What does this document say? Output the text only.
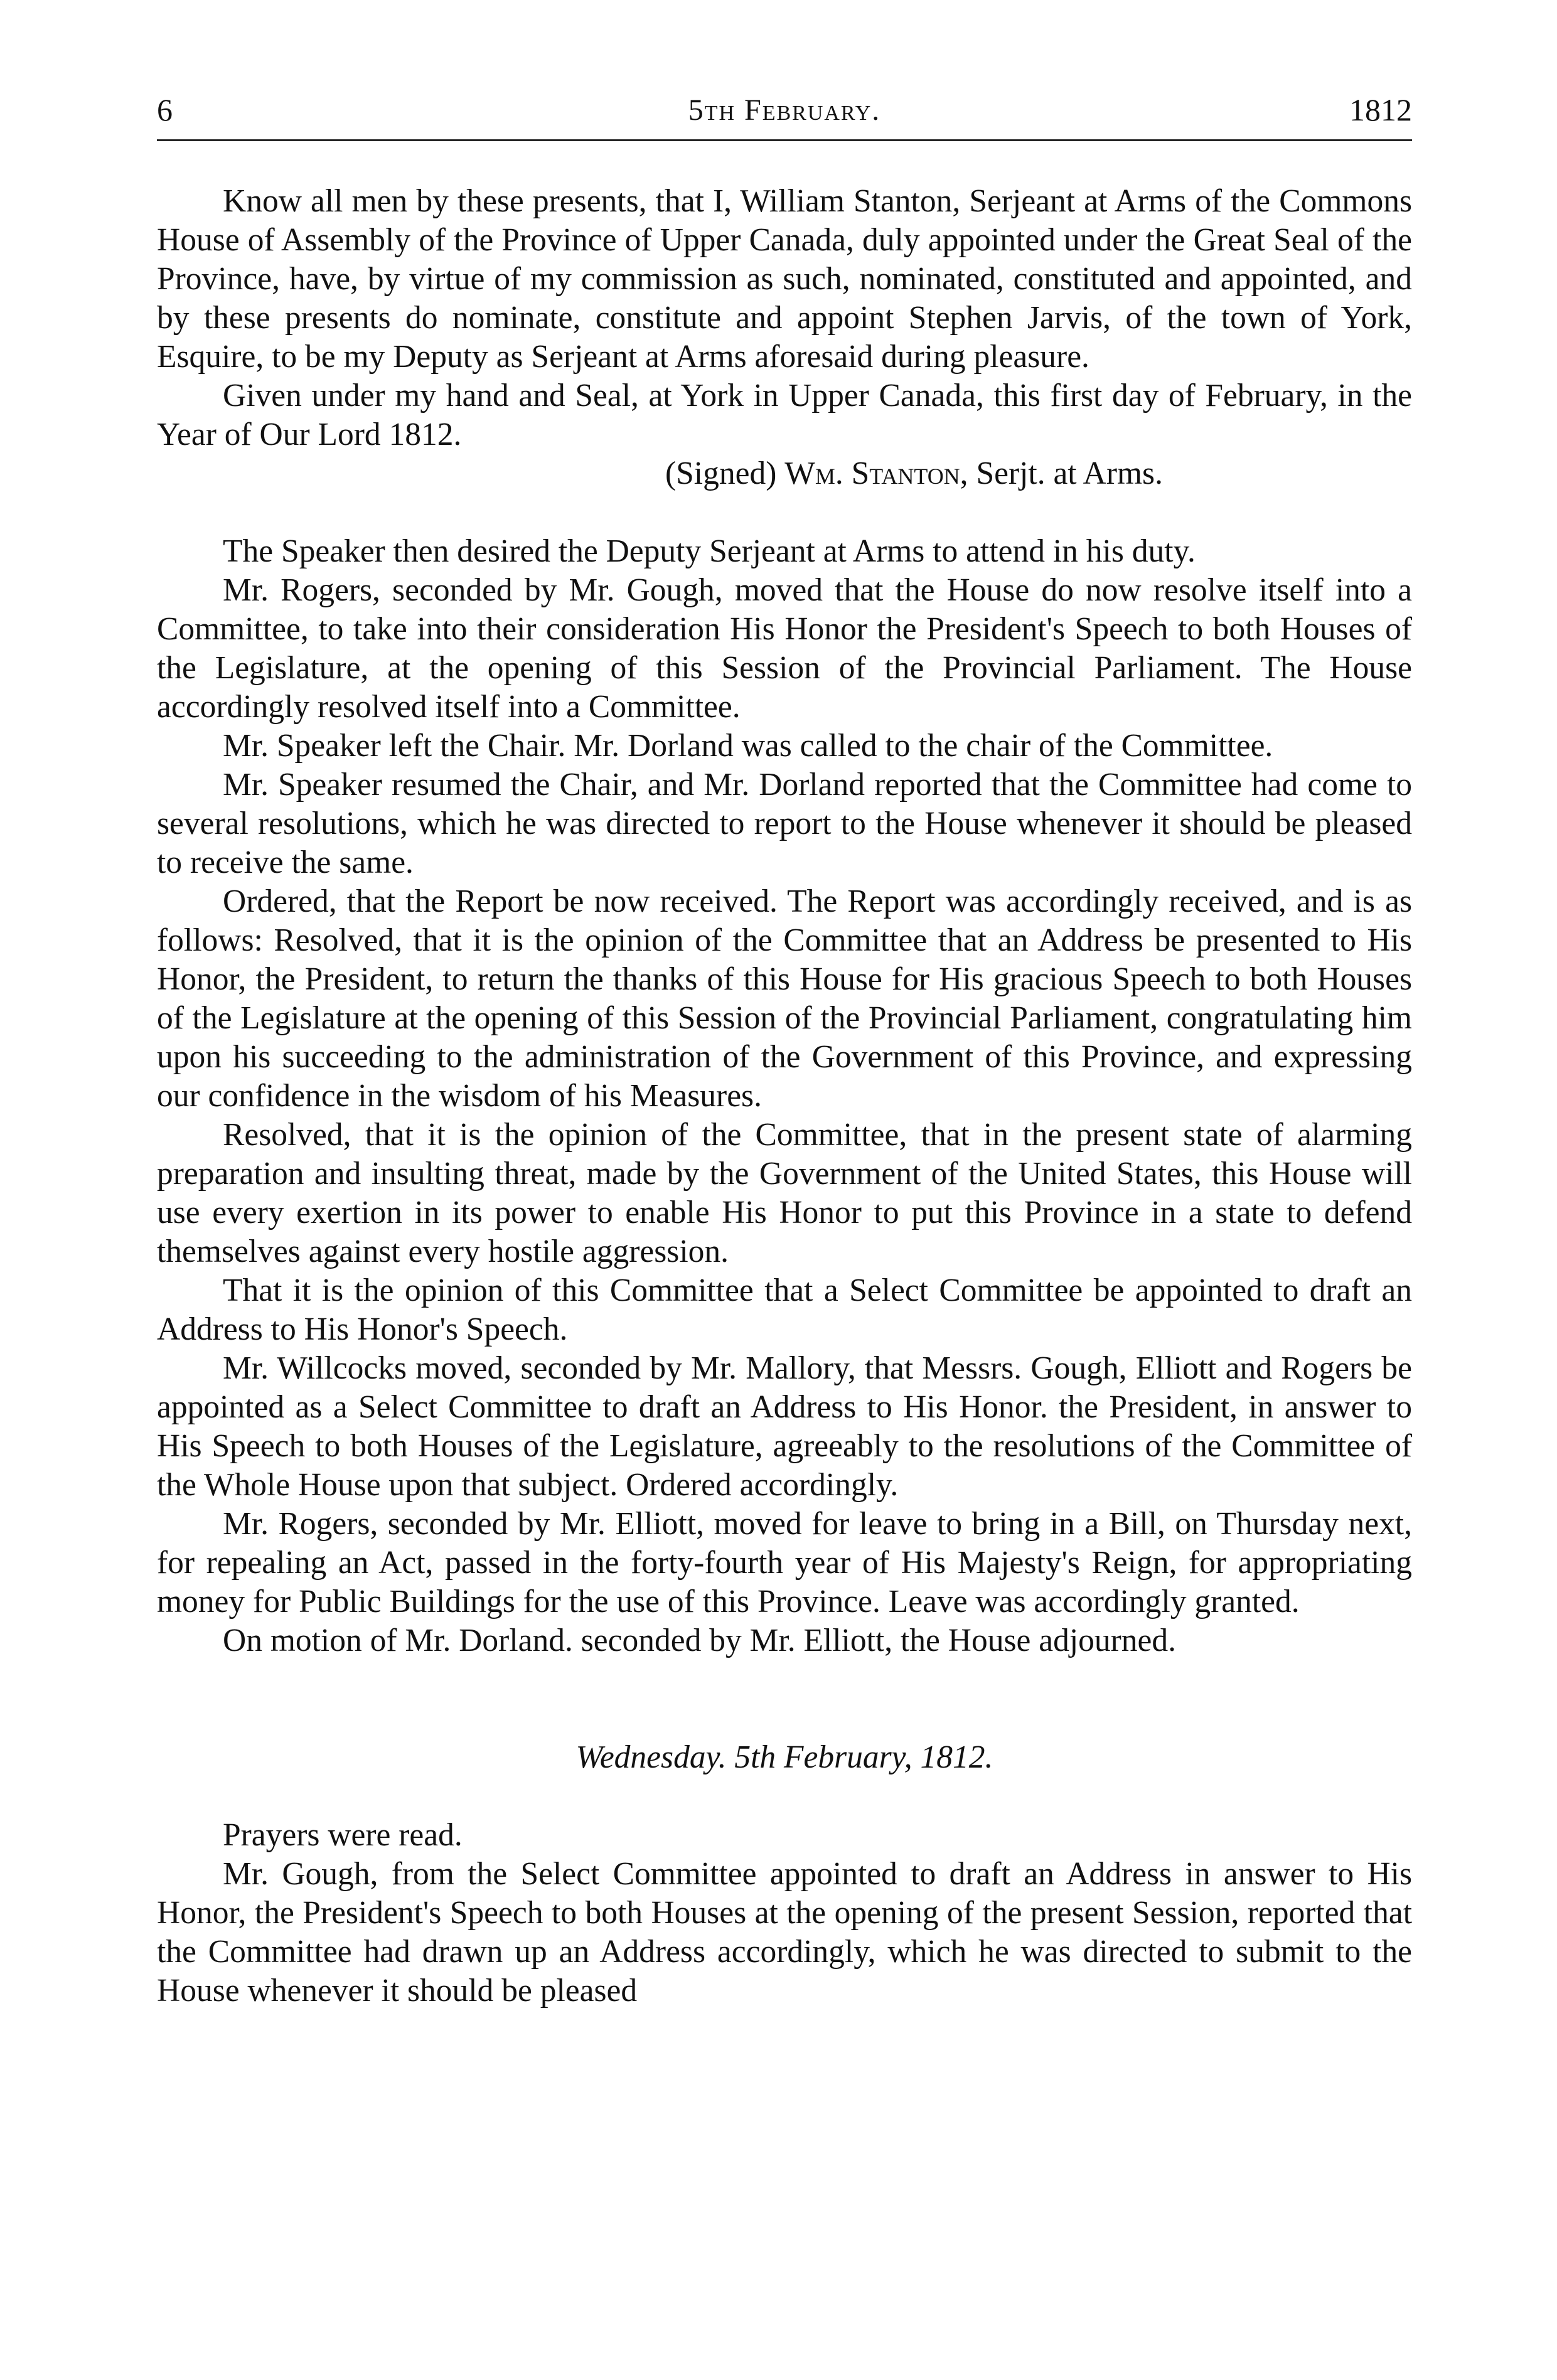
6	5th February.	1812

Know all men by these presents, that I, William Stanton, Serjeant at Arms of the Commons House of Assembly of the Province of Upper Canada, duly appointed under the Great Seal of the Province, have, by virtue of my commission as such, nominated, constituted and appointed, and by these presents do nominate, constitute and appoint Stephen Jarvis, of the town of York, Esquire, to be my Deputy as Serjeant at Arms aforesaid during pleasure.

Given under my hand and Seal, at York in Upper Canada, this first day of February, in the Year of Our Lord 1812.

(Signed) Wm. Stanton, Serjt. at Arms.

The Speaker then desired the Deputy Serjeant at Arms to attend in his duty.

Mr. Rogers, seconded by Mr. Gough, moved that the House do now resolve itself into a Committee, to take into their consideration His Honor the President's Speech to both Houses of the Legislature, at the opening of this Session of the Provincial Parliament. The House accordingly resolved itself into a Committee.

Mr. Speaker left the Chair. Mr. Dorland was called to the chair of the Committee.

Mr. Speaker resumed the Chair, and Mr. Dorland reported that the Committee had come to several resolutions, which he was directed to report to the House whenever it should be pleased to receive the same.

Ordered, that the Report be now received. The Report was accordingly received, and is as follows: Resolved, that it is the opinion of the Committee that an Address be presented to His Honor, the President, to return the thanks of this House for His gracious Speech to both Houses of the Legislature at the opening of this Session of the Provincial Parliament, congratulating him upon his succeeding to the administration of the Government of this Province, and expressing our confidence in the wisdom of his Measures.

Resolved, that it is the opinion of the Committee, that in the present state of alarming preparation and insulting threat, made by the Government of the United States, this House will use every exertion in its power to enable His Honor to put this Province in a state to defend themselves against every hostile aggression.

That it is the opinion of this Committee that a Select Committee be appointed to draft an Address to His Honor's Speech.

Mr. Willcocks moved, seconded by Mr. Mallory, that Messrs. Gough, Elliott and Rogers be appointed as a Select Committee to draft an Address to His Honor. the President, in answer to His Speech to both Houses of the Legislature, agreeably to the resolutions of the Committee of the Whole House upon that subject. Ordered accordingly.

Mr. Rogers, seconded by Mr. Elliott, moved for leave to bring in a Bill, on Thursday next, for repealing an Act, passed in the forty-fourth year of His Majesty's Reign, for appropriating money for Public Buildings for the use of this Province. Leave was accordingly granted.

On motion of Mr. Dorland. seconded by Mr. Elliott, the House adjourned.

Wednesday. 5th February, 1812.

Prayers were read.

Mr. Gough, from the Select Committee appointed to draft an Address in answer to His Honor, the President's Speech to both Houses at the opening of the present Session, reported that the Committee had drawn up an Address accordingly, which he was directed to submit to the House whenever it should be pleased
